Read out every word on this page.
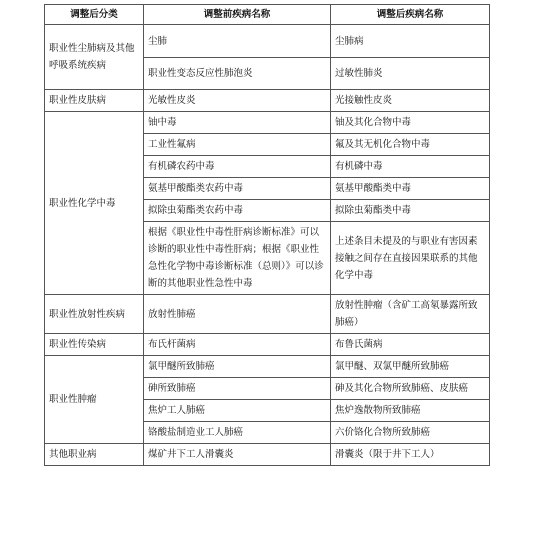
调整后分类	调整前疾病名称	调整后疾病名称
职业性尘肺病及其他呼吸系统疾病	尘肺	尘肺病
	职业性变态反应性肺泡炎	过敏性肺炎
职业性皮肤病	光敏性皮炎	光接触性皮炎
职业性化学中毒	铀中毒	铀及其化合物中毒
	工业性氟病	氟及其无机化合物中毒
	有机磷农药中毒	有机磷中毒
	氨基甲酸酯类农药中毒	氨基甲酸酯类中毒
	拟除虫菊酯类农药中毒	拟除虫菊酯类中毒
	根据《职业性中毒性肝病诊断标准》可以诊断的职业性中毒性肝病；根据《职业性急性化学物中毒诊断标准（总则）》可以诊断的其他职业性急性中毒	上述条目未提及的与职业有害因素接触之间存在直接因果联系的其他化学中毒
职业性放射性疾病	放射性肺癌	放射性肿瘤（含矿工高氡暴露所致肺癌）
职业性传染病	布氏杆菌病	布鲁氏菌病
职业性肿瘤	氯甲醚所致肺癌	氯甲醚、双氯甲醚所致肺癌
	砷所致肺癌	砷及其化合物所致肺癌、皮肤癌
	焦炉工人肺癌	焦炉逸散物所致肺癌
	铬酸盐制造业工人肺癌	六价铬化合物所致肺癌
其他职业病	煤矿井下工人滑囊炎	滑囊炎（限于井下工人）
